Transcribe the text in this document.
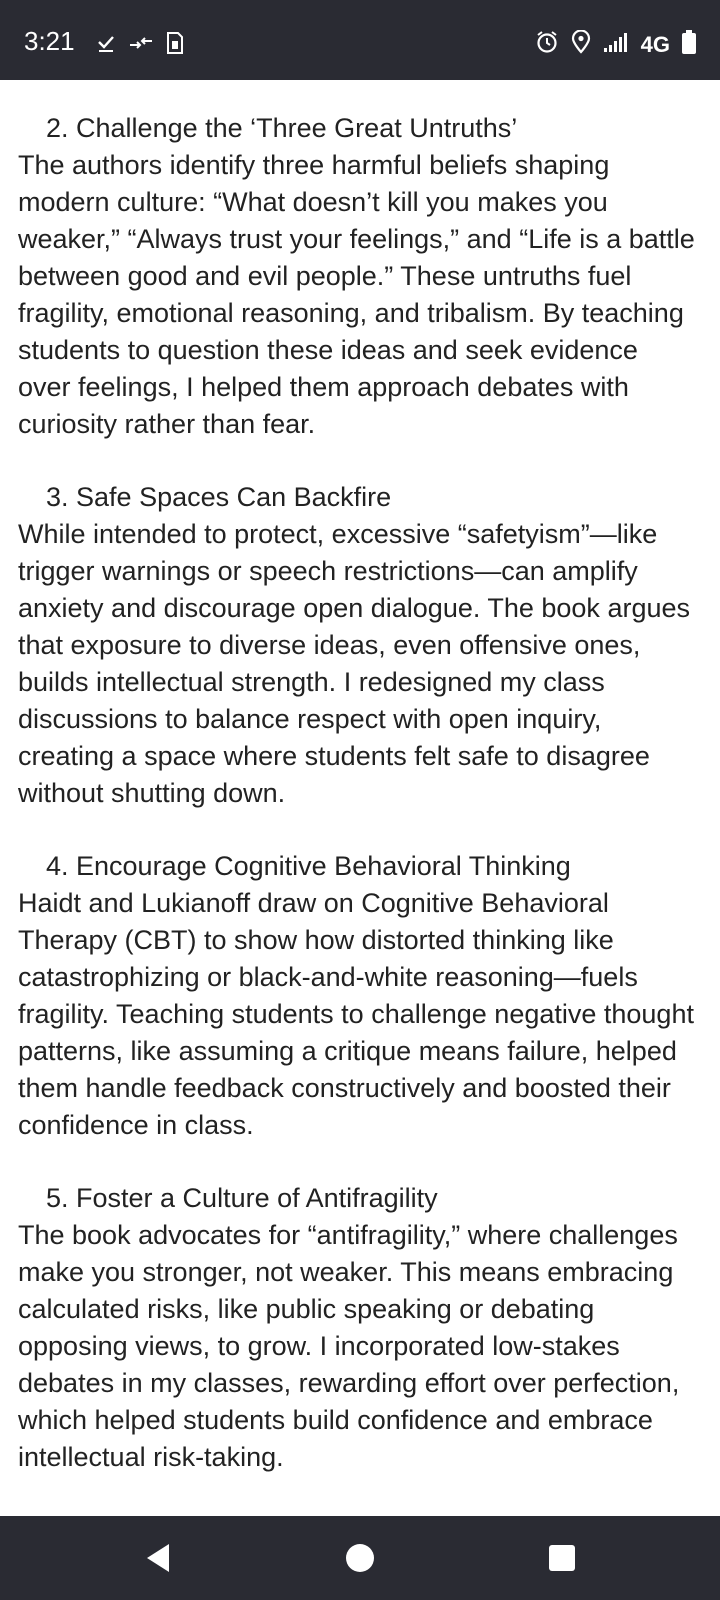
3:21	4G

2. Challenge the ‘Three Great Untruths’

The authors identify three harmful beliefs shaping modern culture: “What doesn’t kill you makes you weaker,” “Always trust your feelings,” and “Life is a battle between good and evil people.” These untruths fuel fragility, emotional reasoning, and tribalism. By teaching students to question these ideas and seek evidence over feelings, I helped them approach debates with curiosity rather than fear.

3. Safe Spaces Can Backfire

While intended to protect, excessive “safetyism”—like trigger warnings or speech restrictions—can amplify anxiety and discourage open dialogue. The book argues that exposure to diverse ideas, even offensive ones, builds intellectual strength. I redesigned my class discussions to balance respect with open inquiry, creating a space where students felt safe to disagree without shutting down.

4. Encourage Cognitive Behavioral Thinking

Haidt and Lukianoff draw on Cognitive Behavioral Therapy (CBT) to show how distorted thinking like catastrophizing or black-and-white reasoning—fuels fragility. Teaching students to challenge negative thought patterns, like assuming a critique means failure, helped them handle feedback constructively and boosted their confidence in class.

5. Foster a Culture of Antifragility

The book advocates for “antifragility,” where challenges make you stronger, not weaker. This means embracing calculated risks, like public speaking or debating opposing views, to grow. I incorporated low-stakes debates in my classes, rewarding effort over perfection, which helped students build confidence and embrace intellectual risk-taking.
